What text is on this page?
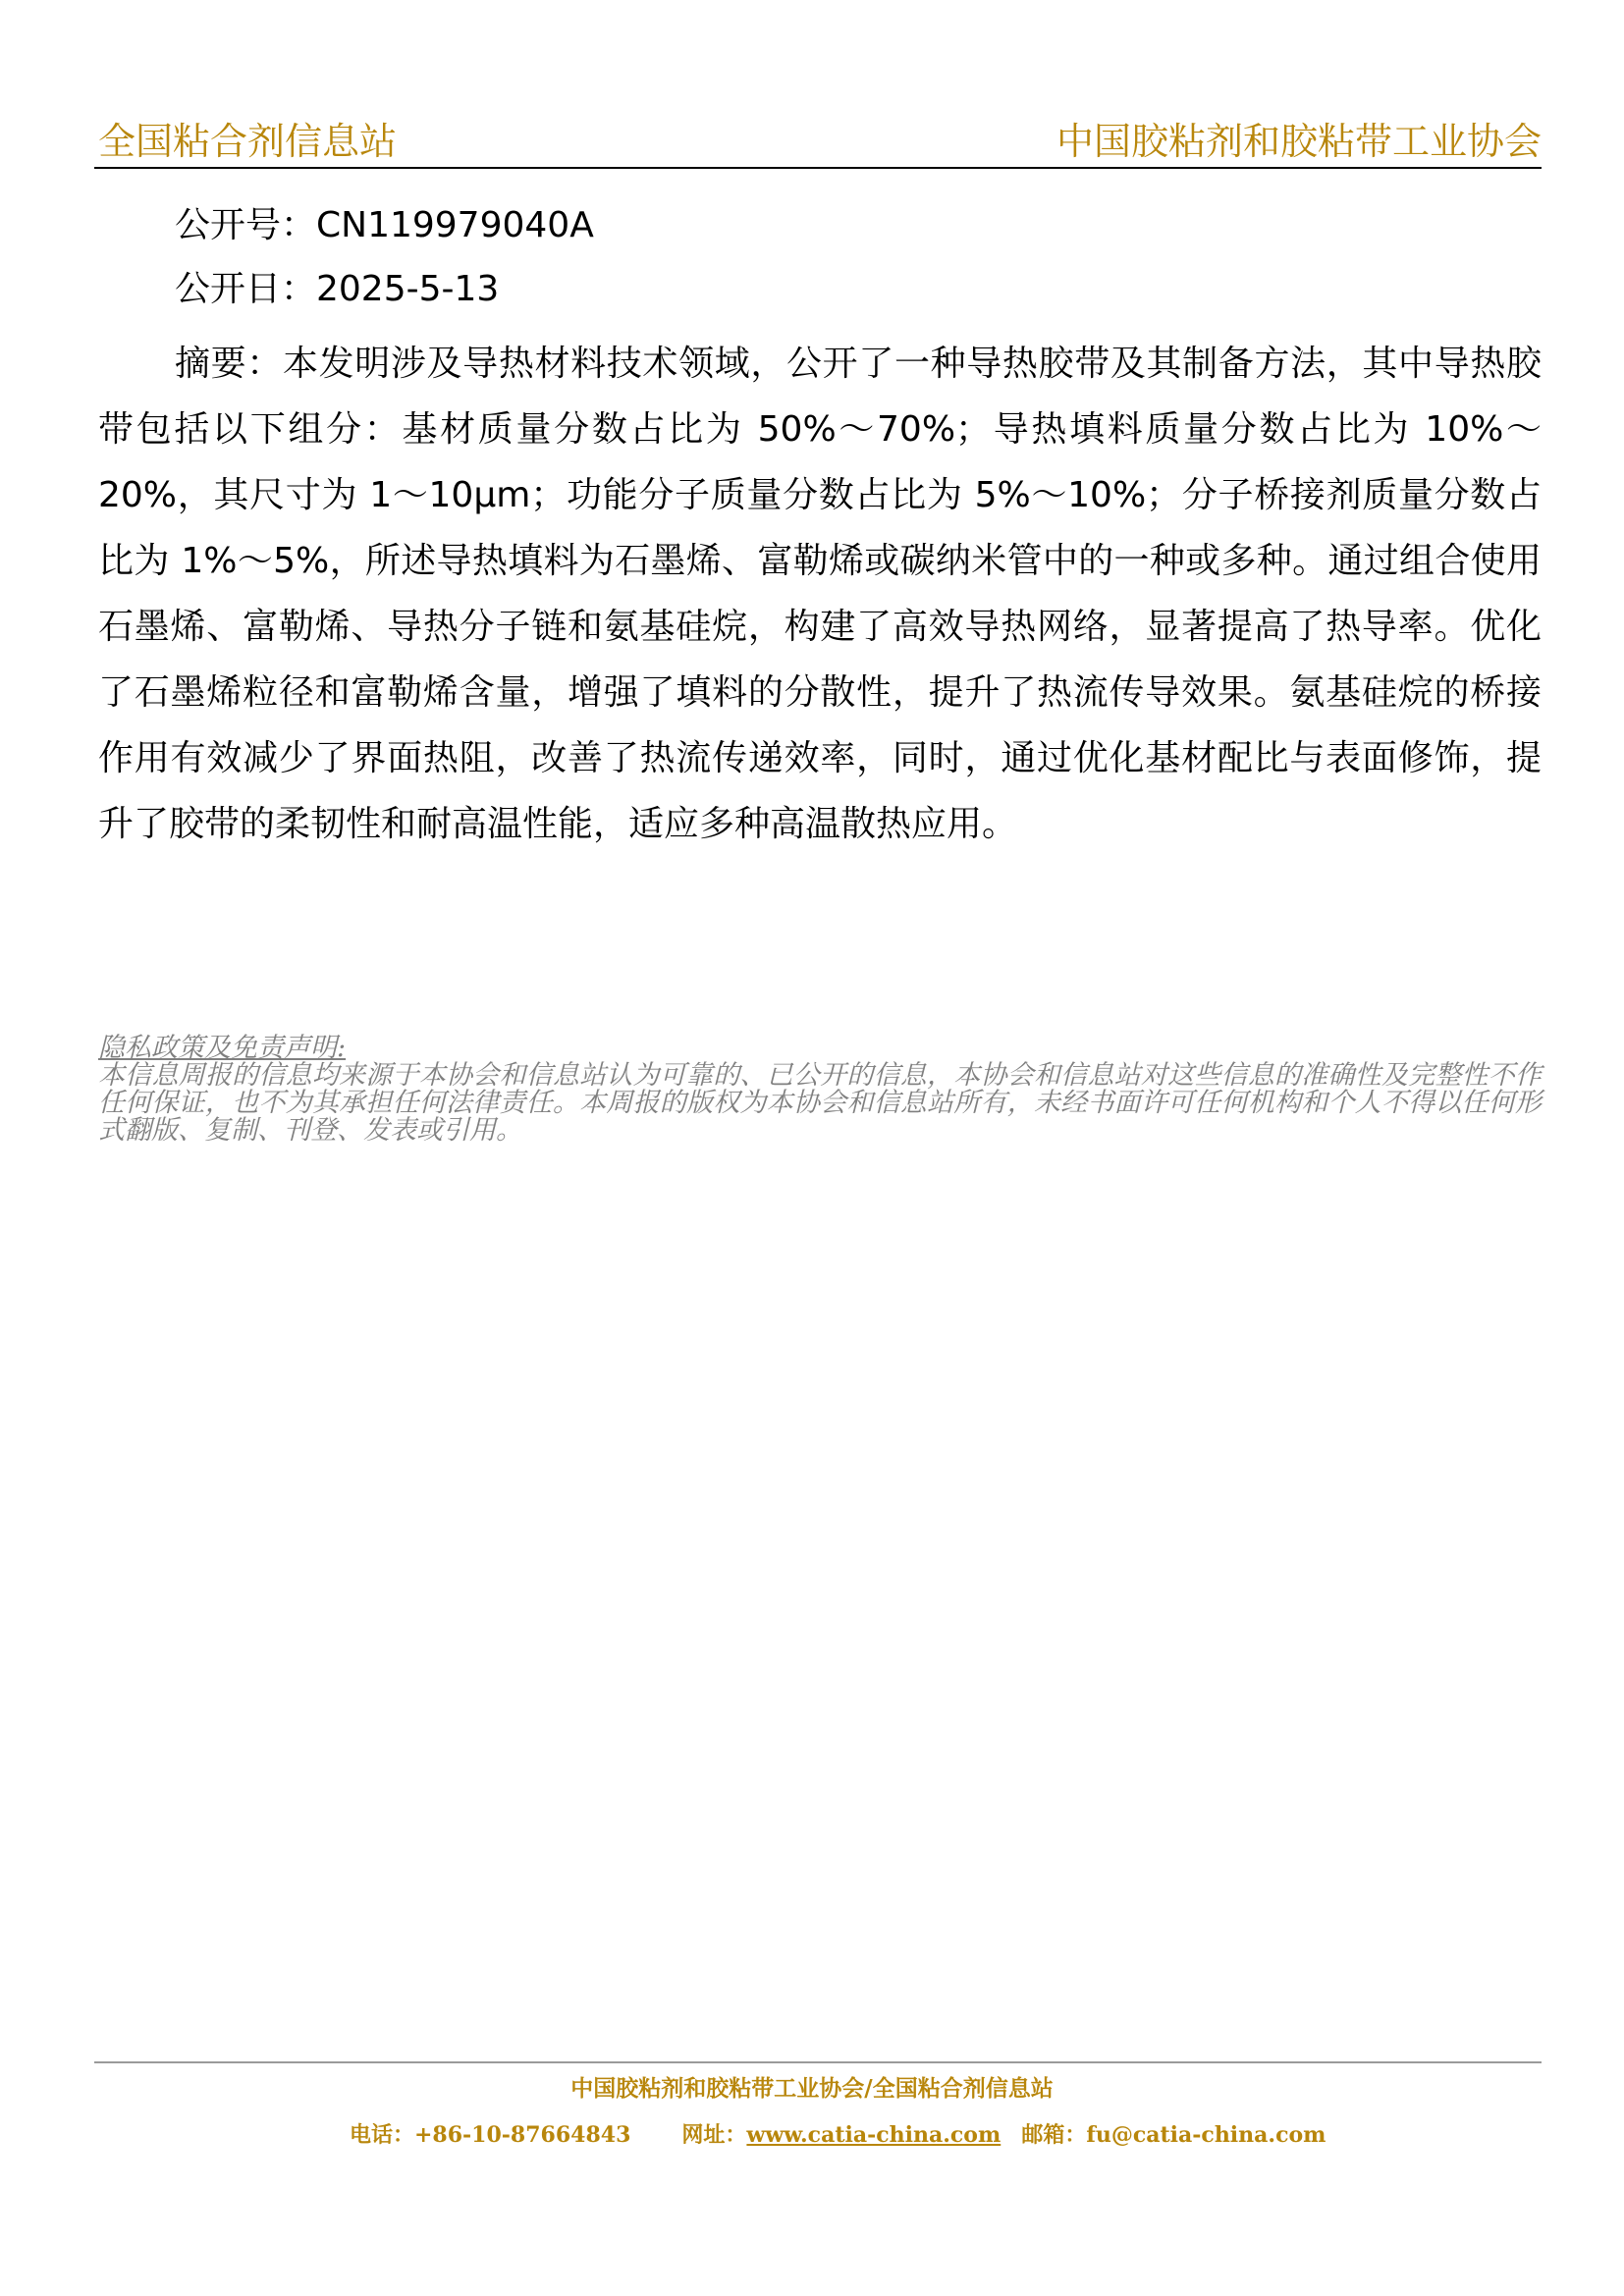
全国粘合剂信息站	中国胶粘剂和胶粘带工业协会
公开号：CN119979040A
公开日：2025-5-13

摘要：本发明涉及导热材料技术领域，公开了一种导热胶带及其制备方法，其中导热胶带包括以下组分：基材质量分数占比为 50%～70%；导热填料质量分数占比为 10%～20%，其尺寸为 1～10μm；功能分子质量分数占比为 5%～10%；分子桥接剂质量分数占比为 1%～5%，所述导热填料为石墨烯、富勒烯或碳纳米管中的一种或多种。通过组合使用石墨烯、富勒烯、导热分子链和氨基硅烷，构建了高效导热网络，显著提高了热导率。优化了石墨烯粒径和富勒烯含量，增强了填料的分散性，提升了热流传导效果。氨基硅烷的桥接作用有效减少了界面热阻，改善了热流传递效率，同时，通过优化基材配比与表面修饰，提升了胶带的柔韧性和耐高温性能，适应多种高温散热应用。

隐私政策及免责声明:

本信息周报的信息均来源于本协会和信息站认为可靠的、已公开的信息，本协会和信息站对这些信息的准确性及完整性不作任何保证，也不为其承担任何法律责任。本周报的版权为本协会和信息站所有，未经书面许可任何机构和个人不得以任何形式翻版、复制、刊登、发表或引用。

中国胶粘剂和胶粘带工业协会/全国粘合剂信息站
电话：+86-10-87664843 网址：www.catia-china.com 邮箱：fu@catia-china.com
